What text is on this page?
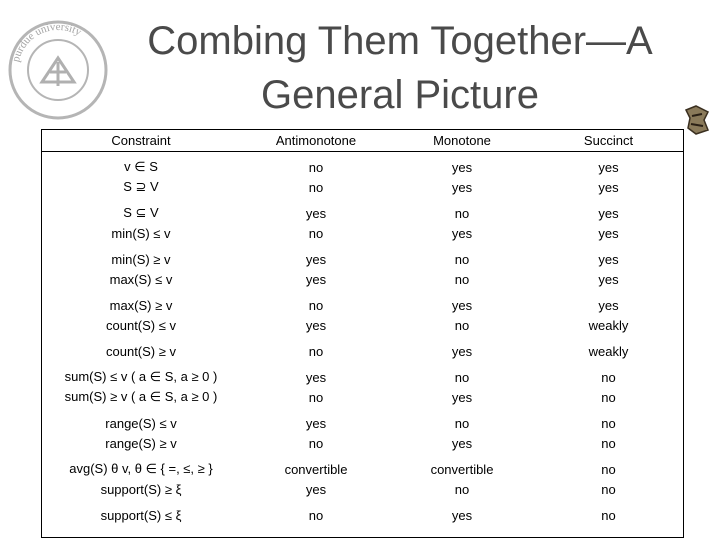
purdue university	Combing Them Together—A
General Picture
Constraint	Antimonotone	Monotone	Succinct
v ∈ S	no	yes	yes
S ⊇ V	no	yes	yes
S ⊆ V	yes	no	yes
min(S) ≤ v	no	yes	yes
min(S) ≥ v	yes	no	yes
max(S) ≤ v	yes	no	yes
max(S) ≥ v	no	yes	yes
count(S) ≤ v	yes	no	weakly
count(S) ≥ v	no	yes	weakly
sum(S) ≤ v ( a ∈ S, a ≥ 0 )	yes	no	no
sum(S) ≥ v ( a ∈ S, a ≥ 0 )	no	yes	no
range(S) ≤ v	yes	no	no
range(S) ≥ v	no	yes	no
avg(S) θ v, θ ∈ { =, ≤, ≥ }	convertible	convertible	no
support(S) ≥ ξ	yes	no	no
support(S) ≤ ξ	no	yes	no
